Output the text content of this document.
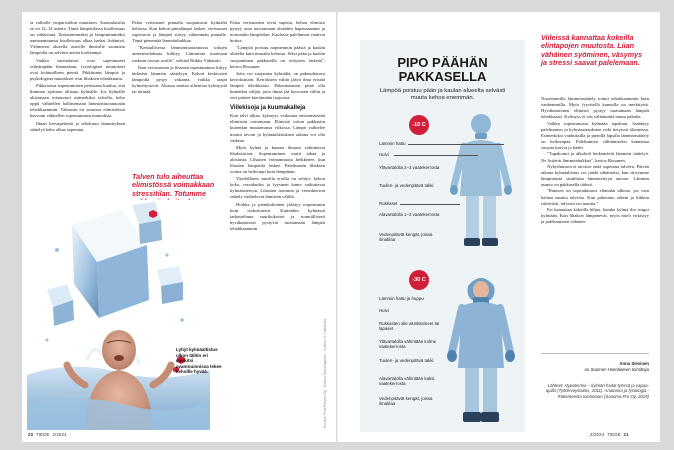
ia valtiolle ympäristöhin muuttuen. Suomalaisilta se on 12–14 astetta. Tämä lämpötilassa kuolleisuus on vähäisintä. Ilottomimmaksi ja lämpimimmäksi aamuaansaanut kuolleisuus alkaa harhat lisääntyä. Välimeren alueella asuville ihmisille suotuisin lämpötila on selvästi aneita korkeampi.

Vaikka suomalaiset ovat sopeutuneet viileämpään ilmanalaan, fysiologiset muutokset ovat kohtuullisen pieniä. Pikkiinnus lämpöä ja psykologiset muutokset ovat lihaksen tehokkuutta.

Pikkaisissa sopeutumisen perustana kuuluu, että ihminen ajoittain altistuu kylmälle. Jos kylmälle altistutaan toistuvasti esimerkiksi talvella, keho oppii vähitellen hallitsemaan lämmöntuotantoaan tehokkaammin. Valtaosin eri suurissa elimistöissä kasvuun vähitellen sopeutumisen muutoksia.

Ilman karvapeitettä ja tehokasta lämmityksen säätelyä keho alkaa sopeutua.

Palaa verisuonet pinnalla suojautuvat kylmältä kehossa. Kun kehon pintalämpö laskee, verisuonet supistuvat ja lämpöä siirtyy vähemmän pinnalle. Tämä pienentää lämmönhukkaa.

"Kemiallisessa lämmöntuotannossa solujen aineenvaihdunta kiihtyy. Lämmintä tuotetaan ruskean rasvan avulla", selittää Riikka Vähäsalo.

Ihon verisuonten ja lihasten supistuminen liittyy tärkeästi lämmön säätelyyn. Kehon keskiosien lämpötila pysyy vakaana, vaikka raajat kylmettyisivät. Alustaa saattaa aiheuttaa kylmyyttä tai tärinää.

Talven tulo aiheuttaa elimistössä voimakkaan stressitilan. Totumme

Palaa verisuonien eivät supistu, kehon elimistö pystyy aina turvaamaan alueiden hapensaannin ja normaalin lämpötilan. Kaulassa paleltumat vaativat hoitoa.

"Lämpöä poistuu nopeammin päästä ja kaulan alueelta kuin muualta kehosta. Siksi pään ja kaulan suojaaminen pakkasella on erityisen tärkeää", kertoo Rissanen.

Jotta voi suojautua kylmältä, on pukeuduttava kerroksittain. Kerroksien väliin jäävä ilma eristää lämpöä tehokkaasti. Pukeutumisen pitää olla kuitenkin väljää, jotta ilmaa jää kerrosten väliin ja veri pääsee kiertämään raajoissa.

Viilekisoja ja kuumakalleja

Kun talvi alkaa, kylmyys vaikuttaa ensimmäisenä elimistön toimintaan. Elimistö tottuu pakkasiin kuitenkin muutamassa viikossa. Lämpö vaihtelee monin tavoin ja kylmäaltistuksen aikana voi olla vaikeaa.

Myös kylmä ja kuuma ilmasto vaikuttavat lihaksistoon. Sopeutuminen vaatii aikaa ja altistusta. Lihasten voimantuotto heikkenee, kun lihasten lämpötila laskee. Paleltuneen lihaksen voima on heikompi kuin lämpimän.

Yksilöllinen suurilla eroilla on selitys: kehon koko, rasvakudos ja fyysinen kunto vaikuttavat kylmänsietoon. Lihasten toiminta ja verenkierron säätely vaihtelevat ihmisten välillä.

Hoikka ja pienikokoinen jäähtyy nopeammin kuin isokokoinen. Kuitenkin kylmässä tarkasteltuna suurikokoiset ja ruumiillisesti hyväkuntoiset pystyvät tuottamaan lämpöä tehokkaammin.

Lyhyt kylmäaltistus ulkon tällön eri merkitsi avantouinnissa tekee kehollle hyvää.	Kuvitus: Pixel Pohjois Oy · Kuvitus Tilava Agentur · kuvitus 01 / Valokuva
20 TIEDE 2/2024
PIPO PÄÄHÄN
PAKKASELLA
Lämpöä poistuu pään ja kaulan alueelta selvästi muuta kehoa enemmän.
-10 C
-30 C
Lämmin hattu
Huivi
Ylävartalolla 2–3 vaatekerrosta
Tuulen- ja vedenpitävä takki
Rukkaset
Alavartalolla 1–2 vaatekerrosta
Vedenpitävät kengät, joissa ilmatilaa
Lämmin hattu ja huppu
Huivi
Rukkasten alle aluskäsineet tai lapaset
Ylävartalolla vähintään kolme vaatekerrosta
Tuulen- ja vedenpitävä takki
Alavartalolla vähintään kaksi vaatekerrosta
Vedenpitävät kengät, joissa ilmatilaa
Viileissä kannattaa kokeilla elintapojen muutosta. Liian vähäinen syöminen, väsymys ja stressi saavat palelemaan.

Nuoremmilla lämmönsäätely toimii tehokkaammin kuin vanhemmilla. Myös fyysisellä kunnolla on merkitystä. Hyväkuntoinen elimistö pystyy tuottamaan lämpöä tehokkaasti. Kylmyys ei siis välttämättä tunnu pahalta.

Vaikka sopeutumista kylmään tapahtuu, lisääntyy paleltumien ja kylmäsairauksien riski tietyissä tilanteissa. Esimerkiksi vanhuksilla ja pienillä lapsilla lämmönsäätely on heikompaa. Paleltumien välttämiseksi kannattaa suojata kasvot ja kädet.

"Tupakointi ja alkoholi heikentävät lämmön säätelyä. Ne lisäävät lämmönhukkaa", kertoo Rissanen.

Nykyihmisen ei tarvitse enää sopeutua talveen. Päivän aikana kylmäaltistus voi jäädä vähäiseksi, kun siirrymme lämpimästä sisätilasta lämmitettyyn autoon. Lämmin asunto on pakkasella tärkeä.

"Ihmisen on sopeuduttava elämään ulkona, jos vain haluaa nauttia talvesta. Kun pukeutuu oikein ja liikkuu riittävästi, talvesta voi nauttia."

Eri kannattaa kokeilla hiljaa, kuinka kylmä iho reagoi kylmään. Kun lihakset lämpenevät, myös mieli virkistyy ja paleltaminen vähenee.

Anna Sievinen
on Suomen Hoitotieteen toimittaja
Lähteet: Hypotermia – kylmän haitat työssä ja vapaa-ajalla (Työterveyslaitos, 2011). Anatomia ja fysiologia - Rakenteesta toimintaan (Sanoma Pro Oy, 2019)
2/2024 TIEDE 21
